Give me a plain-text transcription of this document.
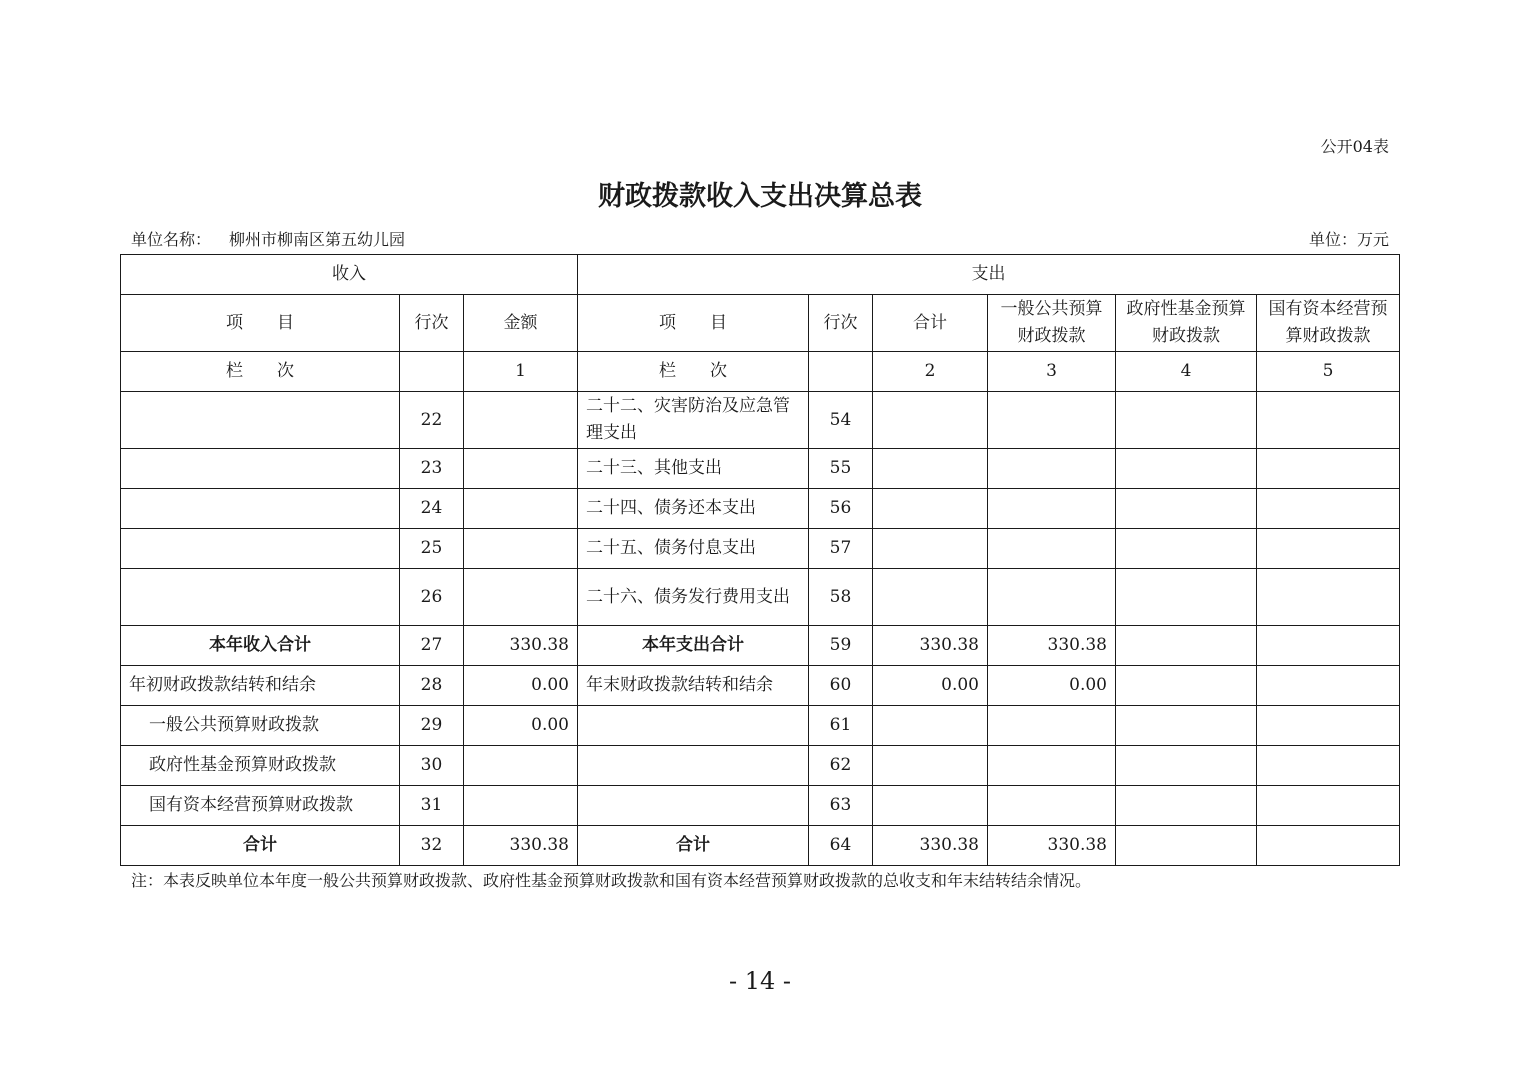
公开04表
财政拨款收入支出决算总表
单位名称： 柳州市柳南区第五幼儿园	单位：万元
收入			支出					
项　　目	行次	金额	项　　目	行次	合计	一般公共预算财政拨款	政府性基金预算财政拨款	国有资本经营预算财政拨款
栏　　次		1	栏　　次		2	3	4	5
	22		二十二、灾害防治及应急管理支出	54				
	23		二十三、其他支出	55				
	24		二十四、债务还本支出	56				
	25		二十五、债务付息支出	57				
	26		二十六、债务发行费用支出	58				
本年收入合计	27	330.38	本年支出合计	59	330.38	330.38		
年初财政拨款结转和结余	28	0.00	年末财政拨款结转和结余	60	0.00	0.00		
一般公共预算财政拨款	29	0.00		61				
政府性基金预算财政拨款	30			62				
国有资本经营预算财政拨款	31			63				
合计	32	330.38	合计	64	330.38	330.38		
注：本表反映单位本年度一般公共预算财政拨款、政府性基金预算财政拨款和国有资本经营预算财政拨款的总收支和年末结转结余情况。
- 14 -
